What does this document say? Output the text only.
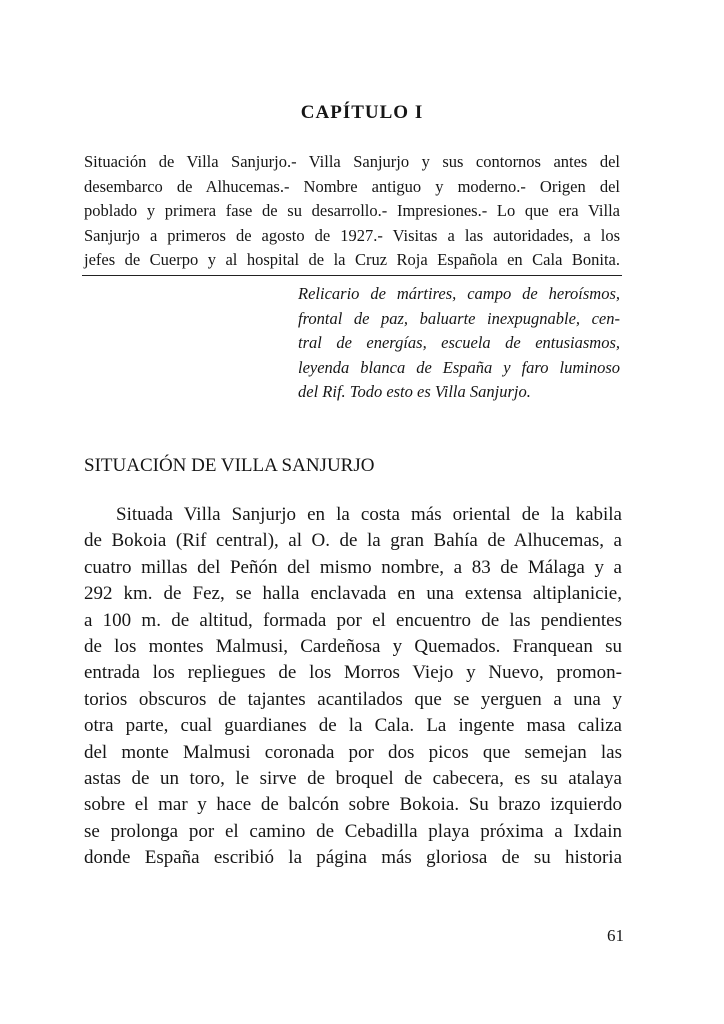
CAPÍTULO I
Situación de Villa Sanjurjo.- Villa Sanjurjo y sus contornos antes del
desembarco de Alhucemas.- Nombre antiguo y moderno.- Origen del
poblado y primera fase de su desarrollo.- Impresiones.- Lo que era Villa
Sanjurjo a primeros de agosto de 1927.- Visitas a las autoridades, a los
jefes de Cuerpo y al hospital de la Cruz Roja Española en Cala Bonita.
Relicario de mártires, campo de heroísmos,
frontal de paz, baluarte inexpugnable, cen-
tral de energías, escuela de entusiasmos,
leyenda blanca de España y faro luminoso
del Rif. Todo esto es Villa Sanjurjo.
SITUACIÓN DE VILLA SANJURJO
Situada Villa Sanjurjo en la costa más oriental de la kabila
de Bokoia (Rif central), al O. de la gran Bahía de Alhucemas, a
cuatro millas del Peñón del mismo nombre, a 83 de Málaga y a
292 km. de Fez, se halla enclavada en una extensa altiplanicie,
a 100 m. de altitud, formada por el encuentro de las pendientes
de los montes Malmusi, Cardeñosa y Quemados. Franquean su
entrada los repliegues de los Morros Viejo y Nuevo, promon-
torios obscuros de tajantes acantilados que se yerguen a una y
otra parte, cual guardianes de la Cala. La ingente masa caliza
del monte Malmusi coronada por dos picos que semejan las
astas de un toro, le sirve de broquel de cabecera, es su atalaya
sobre el mar y hace de balcón sobre Bokoia. Su brazo izquierdo
se prolonga por el camino de Cebadilla playa próxima a Ixdain
donde España escribió la página más gloriosa de su historia
61
